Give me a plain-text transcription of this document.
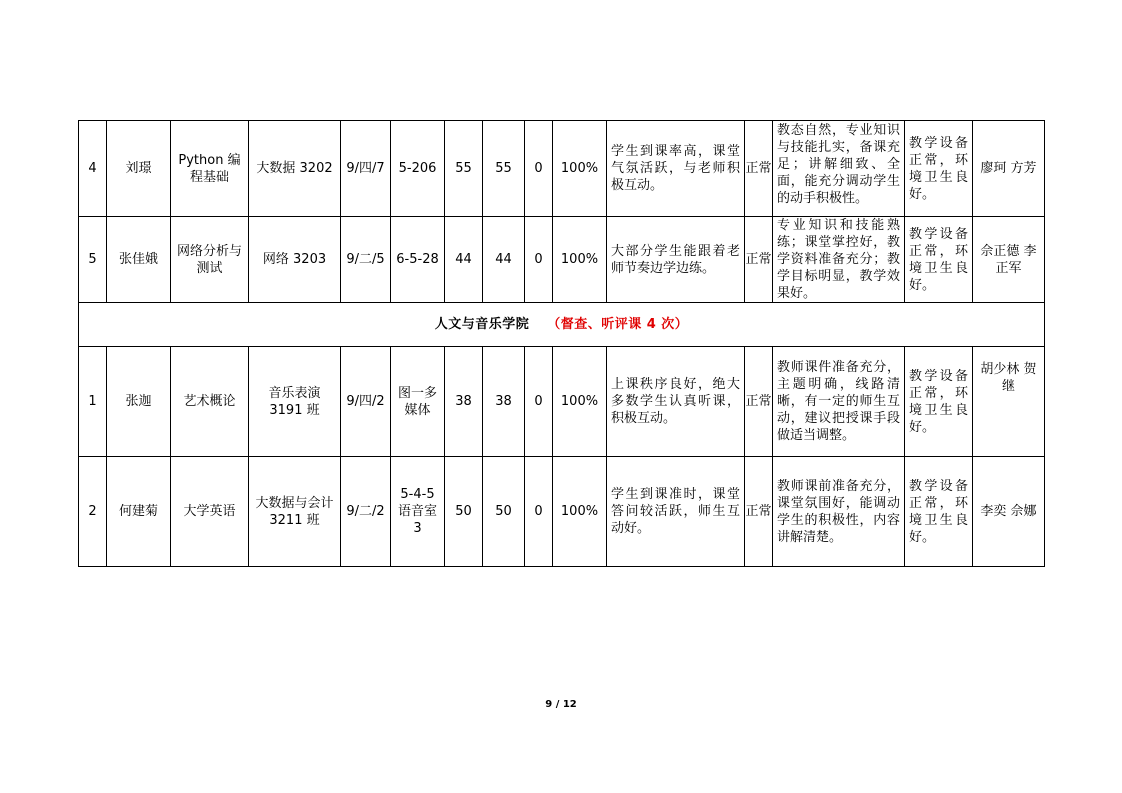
4	刘璟	Python 编程基础	大数据 3202	9/四/7	5-206	55	55	0	100%	学生到课率高，课堂气氛活跃，与老师积极互动。	正常	教态自然，专业知识与技能扎实，备课充足；讲解细致、全面，能充分调动学生的动手积极性。	教学设备正常，环境卫生良好。	廖珂 方芳
5	张佳娥	网络分析与测试	网络 3203	9/二/5	6-5-28	44	44	0	100%	大部分学生能跟着老师节奏边学边练。	正常	专业知识和技能熟练；课堂掌控好，教学资料准备充分；教学目标明显，教学效果好。	教学设备正常，环境卫生良好。	佘正德 李正军
人文与音乐学院 （督查、听评课 4 次）														
1	张迦	艺术概论	音乐表演 3191 班	9/四/2	图一多媒体	38	38	0	100%	上课秩序良好，绝大多数学生认真听课，积极互动。	正常	教师课件准备充分，主题明确，线路清晰，有一定的师生互动，建议把授课手段做适当调整。	教学设备正常，环境卫生良好。	胡少林 贺继
2	何建菊	大学英语	大数据与会计 3211 班	9/二/2	5-4-5 语音室 3	50	50	0	100%	学生到课准时，课堂答问较活跃，师生互动好。	正常	教师课前准备充分，课堂氛围好，能调动学生的积极性，内容讲解清楚。	教学设备正常，环境卫生良好。	李奕 佘娜
9 / 12
